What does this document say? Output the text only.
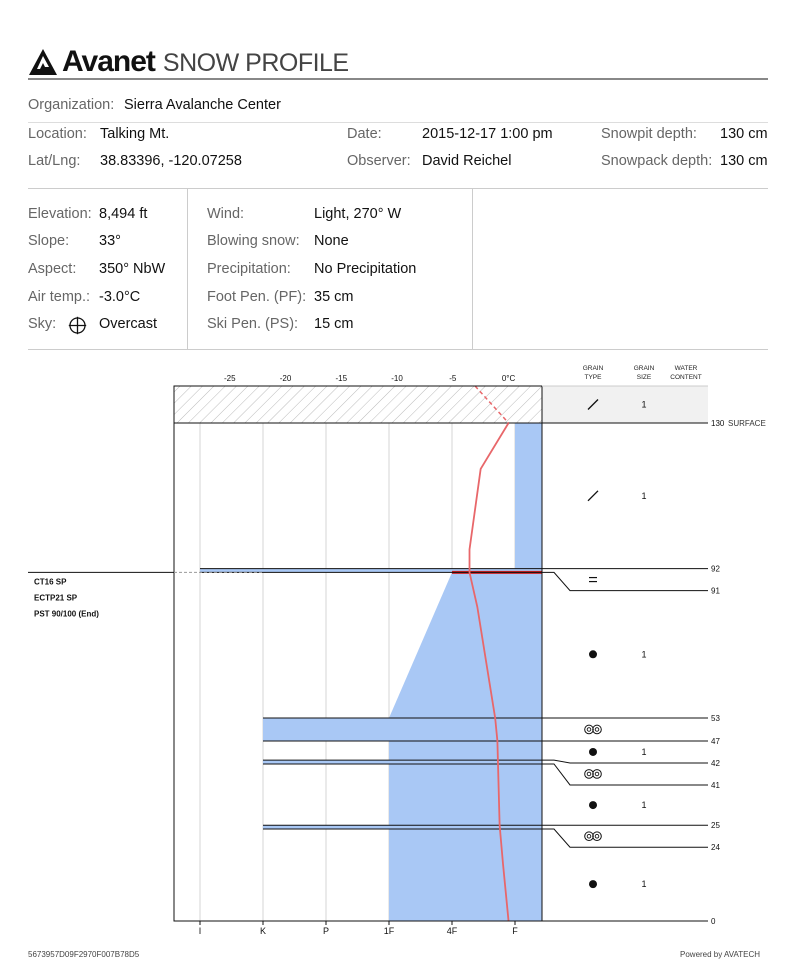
Avanet SNOW PROFILE
Organization: Sierra Avalanche Center
Location: Talking Mt.	Date:	2015-12-17 1:00 pm	Snowpit depth: 130 cm
Lat/Lng: 38.83396, -120.07258	Observer: David Reichel	Snowpack depth: 130 cm
Elevation: 8,494 ft
Slope: 33°
Aspect: 350° NbW
Air temp.: -3.0°C
Sky:	Overcast
Wind:	Light, 270° W
Blowing snow: None
Precipitation: No Precipitation
Foot Pen. (PF): 35 cm
Ski Pen. (PS): 15 cm
130
92
91
53
47
42
41
25
24
0
SURFACE
GRAIN
TYPE
GRAIN
SIZE
WATER
CONTENT
-25	-20	-15	-10	-5	0°C
I	K	P	1F	4F	F
1
1
1
1
1
1
CT16 SP
ECTP21 SP
PST 90/100 (End)
5673957D09F2970F007B78D5	Powered by AVATECH
